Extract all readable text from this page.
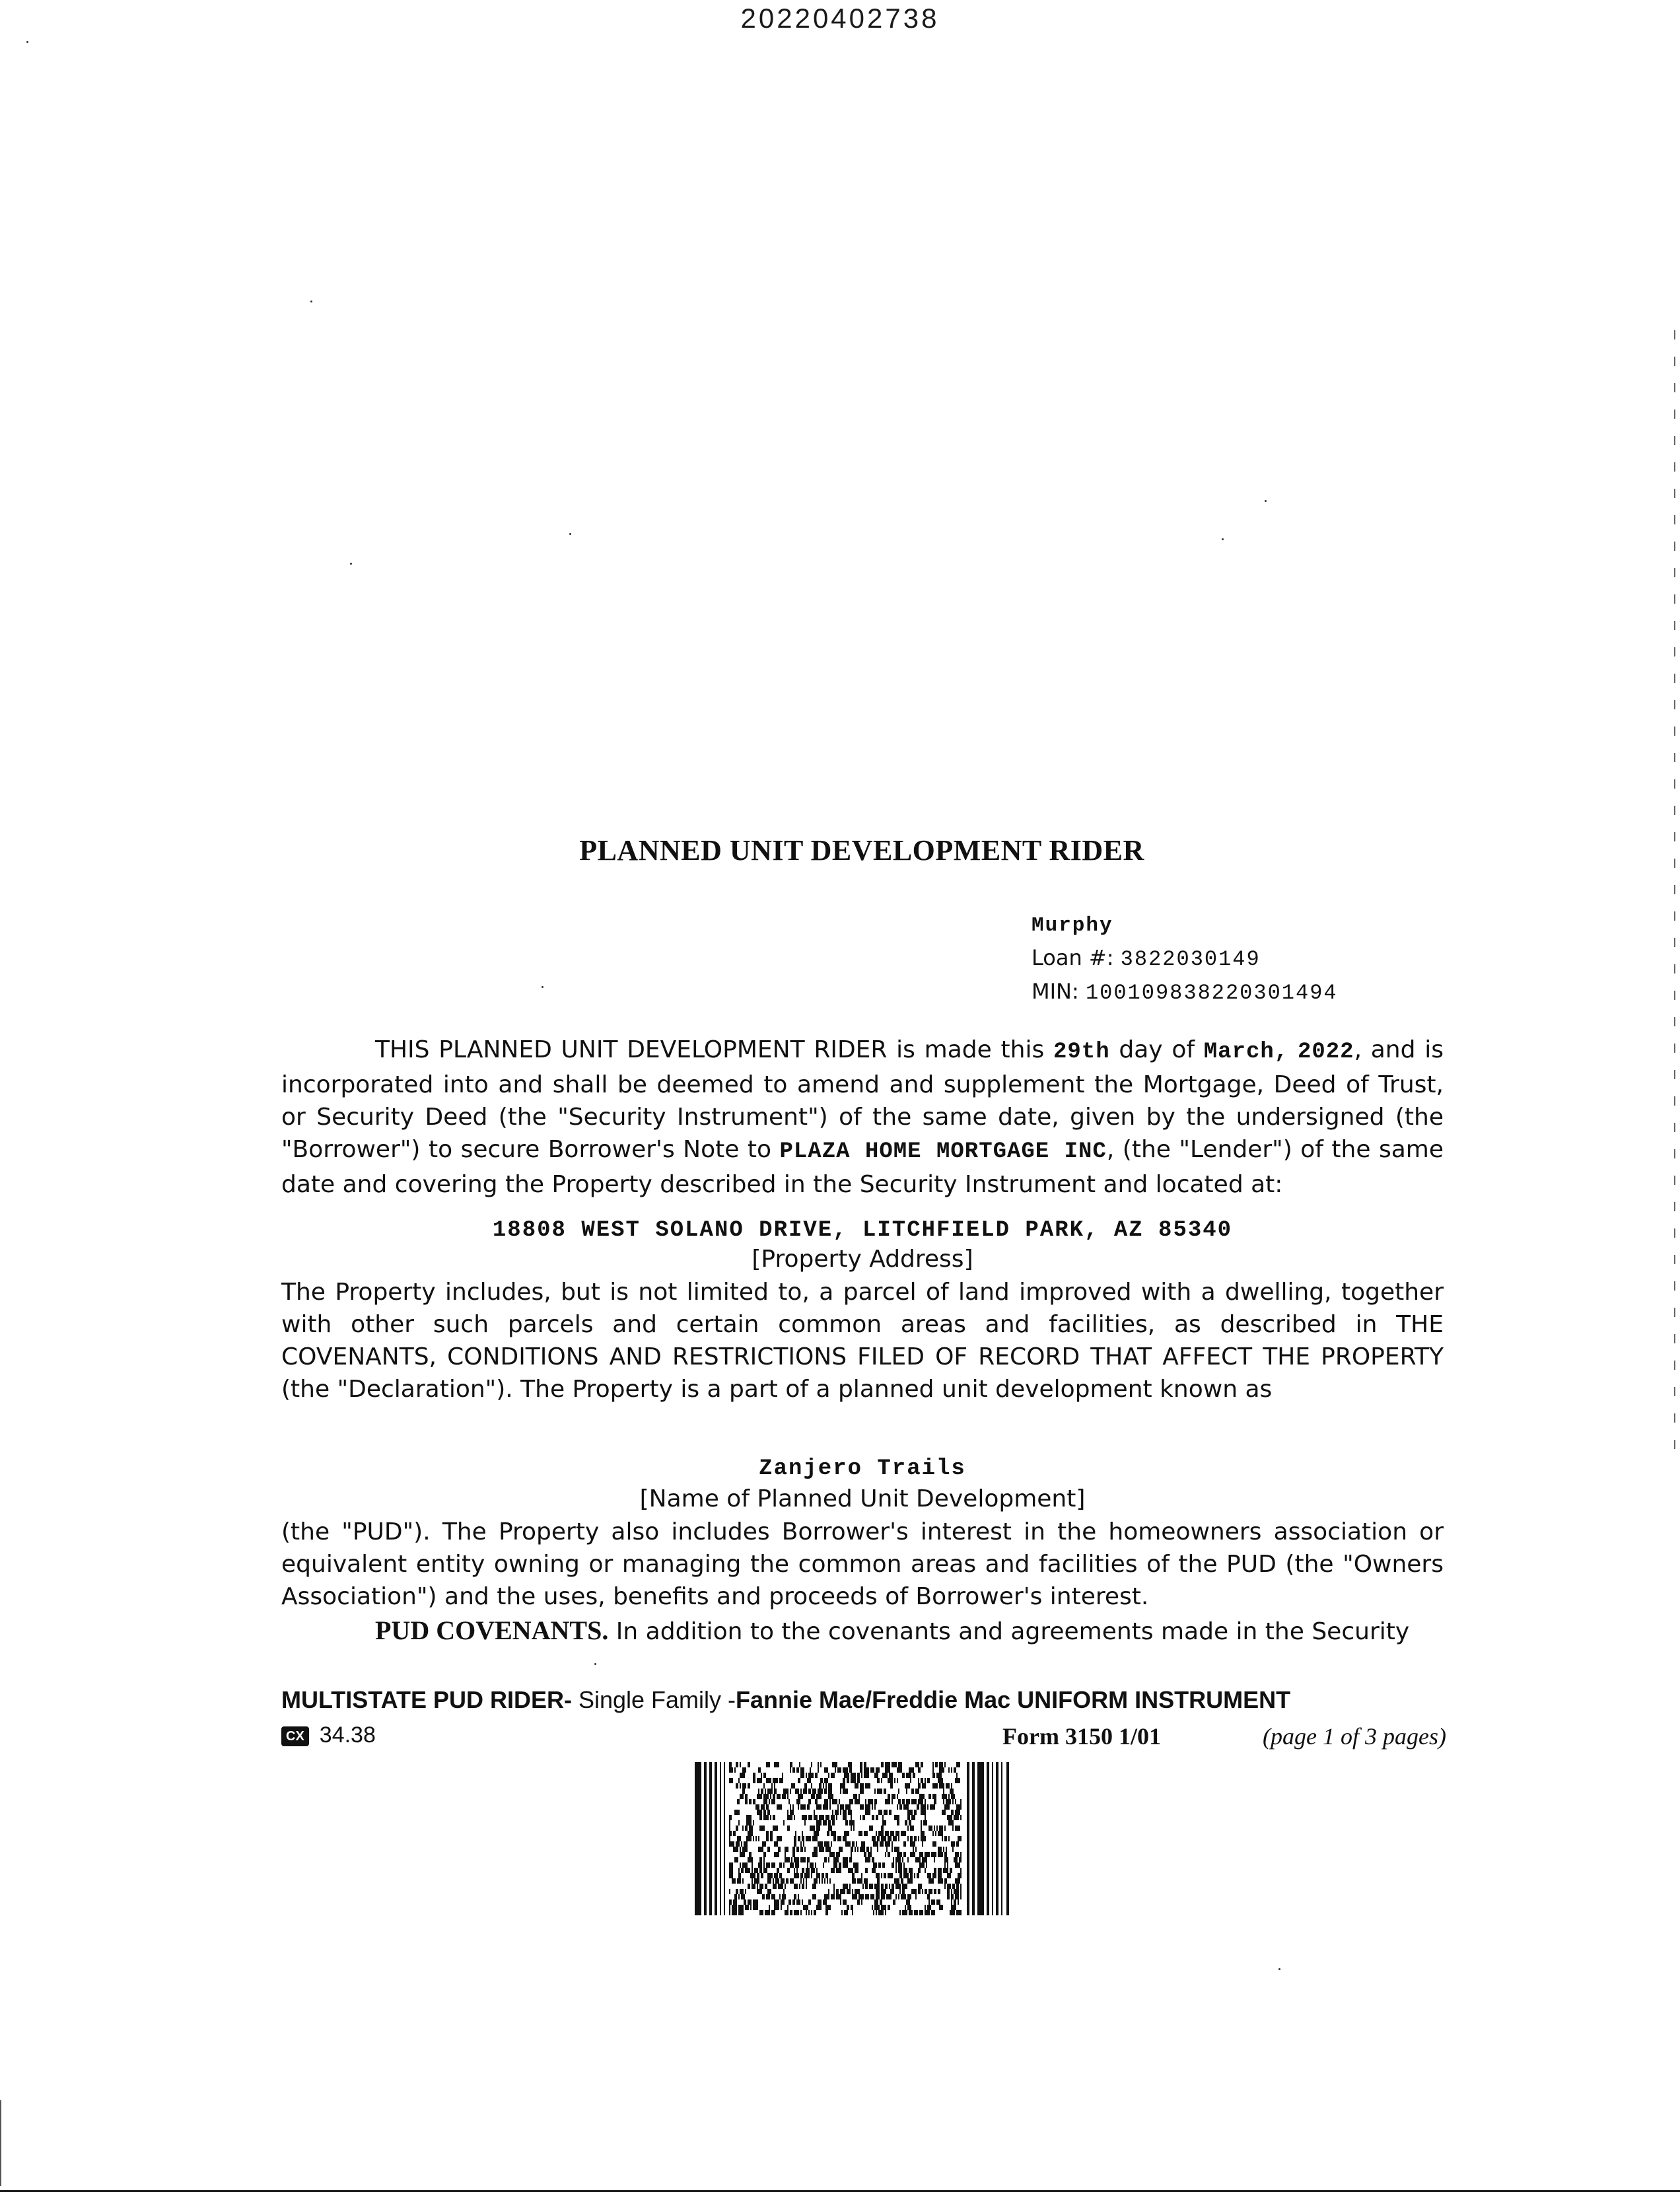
20220402738
PLANNED UNIT DEVELOPMENT RIDER
Murphy
Loan #: 3822030149
MIN: 100109838220301494
THIS PLANNED UNIT DEVELOPMENT RIDER is made this 29th day of March, 2022, and is incorporated into and shall be deemed to amend and supplement the Mortgage, Deed of Trust, or Security Deed (the "Security Instrument") of the same date, given by the undersigned (the "Borrower") to secure Borrower's Note to PLAZA HOME MORTGAGE INC, (the "Lender") of the same date and covering the Property described in the Security Instrument and located at:
18808 WEST SOLANO DRIVE, LITCHFIELD PARK, AZ 85340
[Property Address]
The Property includes, but is not limited to, a parcel of land improved with a dwelling, together with other such parcels and certain common areas and facilities, as described in THE COVENANTS, CONDITIONS AND RESTRICTIONS FILED OF RECORD THAT AFFECT THE PROPERTY (the "Declaration"). The Property is a part of a planned unit development known as
Zanjero Trails
[Name of Planned Unit Development]
(the "PUD"). The Property also includes Borrower's interest in the homeowners association or equivalent entity owning or managing the common areas and facilities of the PUD (the "Owners Association") and the uses, benefits and proceeds of Borrower's interest.
PUD COVENANTS. In addition to the covenants and agreements made in the Security
MULTISTATE PUD RIDER- Single Family -Fannie Mae/Freddie Mac UNIFORM INSTRUMENT
CX 34.38	Form 3150 1/01	(page 1 of 3 pages)
